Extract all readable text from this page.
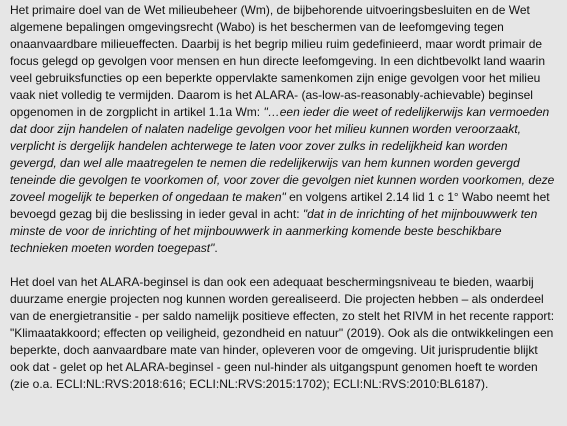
Het primaire doel van de Wet milieubeheer (Wm), de bijbehorende uitvoeringsbesluiten en de Wet
algemene bepalingen omgevingsrecht (Wabo) is het beschermen van de leefomgeving tegen
onaanvaardbare milieueffecten. Daarbij is het begrip milieu ruim gedefinieerd, maar wordt primair de
focus gelegd op gevolgen voor mensen en hun directe leefomgeving. In een dichtbevolkt land waarin
veel gebruiksfuncties op een beperkte oppervlakte samenkomen zijn enige gevolgen voor het milieu
vaak niet volledig te vermijden. Daarom is het ALARA- (as-low-as-reasonably-achievable) beginsel
opgenomen in de zorgplicht in artikel 1.1a Wm: "…een ieder die weet of redelijkerwijs kan vermoeden
dat door zijn handelen of nalaten nadelige gevolgen voor het milieu kunnen worden veroorzaakt,
verplicht is dergelijk handelen achterwege te laten voor zover zulks in redelijkheid kan worden
gevergd, dan wel alle maatregelen te nemen die redelijkerwijs van hem kunnen worden gevergd
teneinde die gevolgen te voorkomen of, voor zover die gevolgen niet kunnen worden voorkomen, deze
zoveel mogelijk te beperken of ongedaan te maken" en volgens artikel 2.14 lid 1 c 1° Wabo neemt het
bevoegd gezag bij die beslissing in ieder geval in acht: "dat in de inrichting of het mijnbouwwerk ten
minste de voor de inrichting of het mijnbouwwerk in aanmerking komende beste beschikbare
technieken moeten worden toegepast".
Het doel van het ALARA-beginsel is dan ook een adequaat beschermingsniveau te bieden, waarbij
duurzame energie projecten nog kunnen worden gerealiseerd. Die projecten hebben – als onderdeel
van de energietransitie - per saldo namelijk positieve effecten, zo stelt het RIVM in het recente rapport:
"Klimaatakkoord; effecten op veiligheid, gezondheid en natuur" (2019). Ook als die ontwikkelingen een
beperkte, doch aanvaardbare mate van hinder, opleveren voor de omgeving. Uit jurisprudentie blijkt
ook dat - gelet op het ALARA-beginsel - geen nul-hinder als uitgangspunt genomen hoeft te worden
(zie o.a. ECLI:NL:RVS:2018:616; ECLI:NL:RVS:2015:1702); ECLI:NL:RVS:2010:BL6187).
